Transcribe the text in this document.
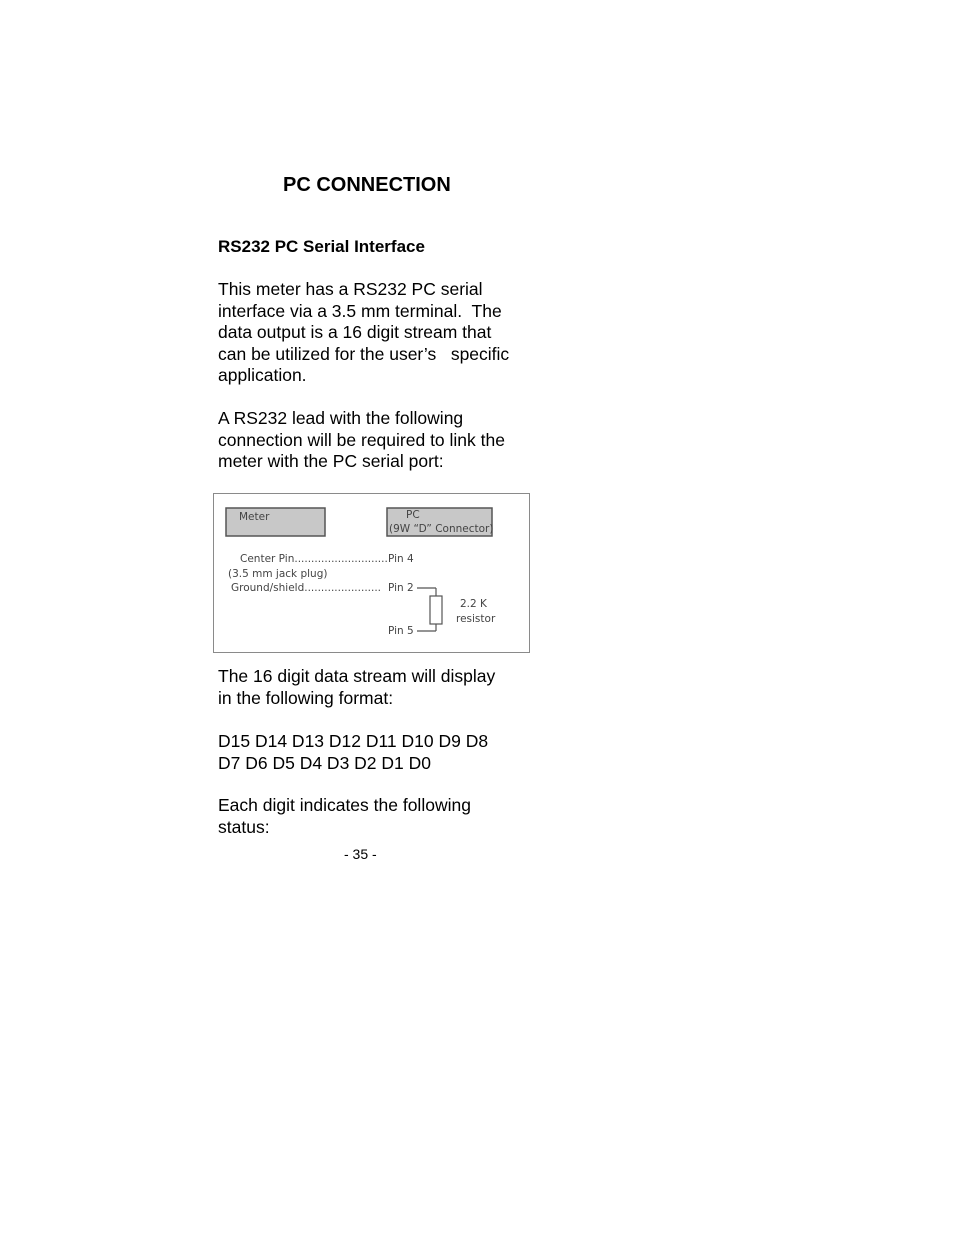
PC CONNECTION
RS232 PC Serial Interface
This meter has a RS232 PC serial
interface via a 3.5 mm terminal.  The
data output is a 16 digit stream that
can be utilized for the user’s   specific
application.
A RS232 lead with the following
connection will be required to link the
meter with the PC serial port:
Meter	PC
(9W “D” Connector)
Center Pin............................
(3.5 mm jack plug)
Ground/shield.......................
Pin 4
Pin 2
Pin 5
2.2 K
resistor
The 16 digit data stream will display
in the following format:
D15 D14 D13 D12 D11 D10 D9 D8
D7 D6 D5 D4 D3 D2 D1 D0
Each digit indicates the following
status:
- 35 -
